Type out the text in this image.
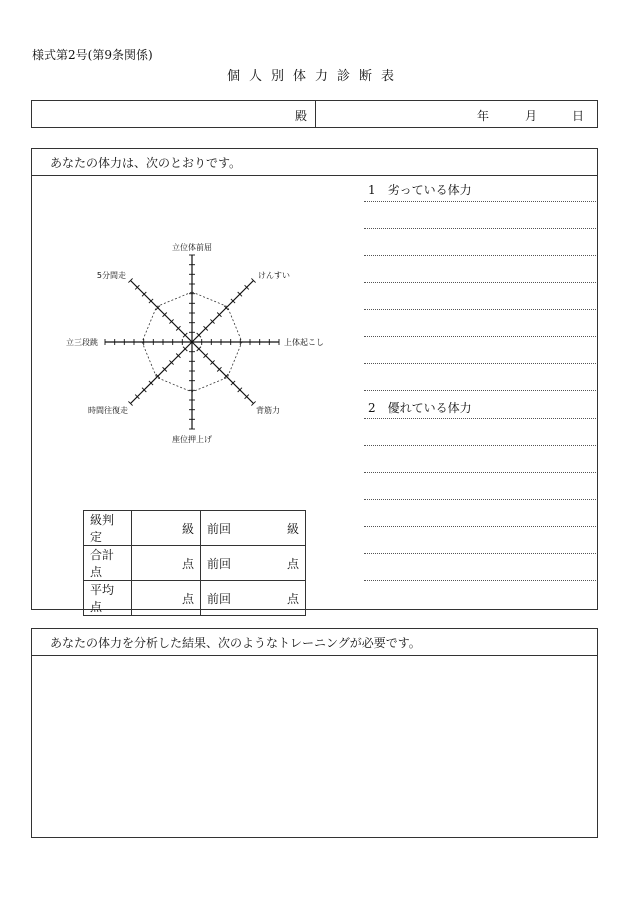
様式第2号(第9条関係)
個人別体力診断表
殿	年	月	日
あなたの体力は、次のとおりです。
立位体前屈
けんすい
上体起こし
背筋力
座位押上げ
時間往復走
立三段跳
5分間走
1　劣っている体力
2　優れている体力
級判定	級	前回 級

合計点	点	前回 点

平均点	点	前回 点
あなたの体力を分析した結果、次のようなトレーニングが必要です。
